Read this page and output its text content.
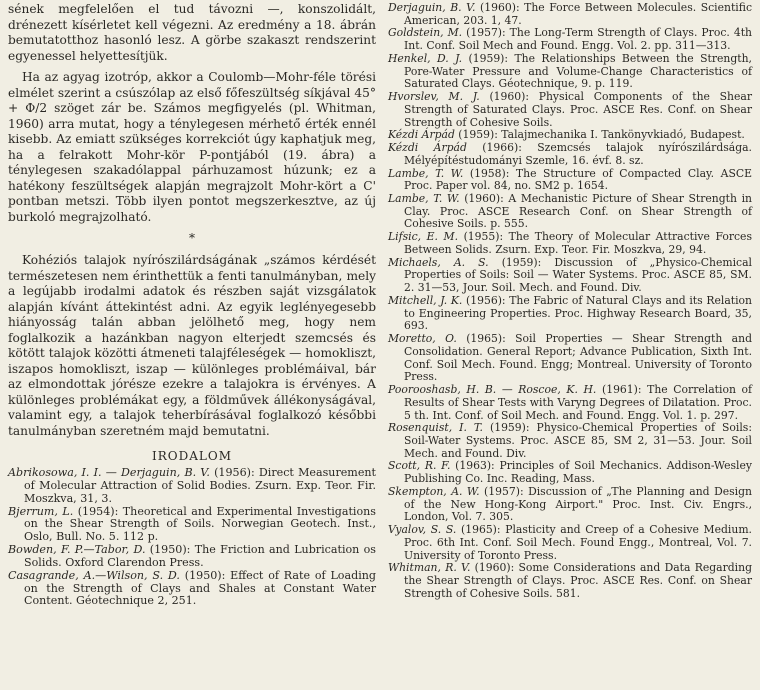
sének megfelelően el tud távozni —, konszolidált, drénezett kísérletet kell végezni. Az eredmény a 18. ábrán bemutatotthoz hasonló lesz. A görbe szakaszt rendszerint egyenessel helyettesítjük.

Ha az agyag izotróp, akkor a Coulomb—Mohr-féle törési elmélet szerint a csúszólap az első főfeszültség síkjával 45° + Φ/2 szöget zár be. Számos megfigyelés (pl. Whitman, 1960) arra mutat, hogy a ténylegesen mérhető érték ennél kisebb. Az emiatt szükséges korrekciót úgy kaphatjuk meg, ha a felrakott Mohr-kör P-pontjából (19. ábra) a ténylegesen szakadólappal párhuzamost húzunk; ez a hatékony feszültségek alapján megrajzolt Mohr-kört a C' pontban metszi. Több ilyen pontot megszerkesztve, az új burkoló megrajzolható.

*

Kohéziós talajok nyírószilárdságának „számos kérdését természetesen nem érinthettük a fenti tanulmányban, mely a legújabb irodalmi adatok és részben saját vizsgálatok alapján kívánt áttekintést adni. Az egyik leglényegesebb hiányosság talán abban jelölhető meg, hogy nem foglalkozik a hazánkban nagyon elterjedt szemcsés és kötött talajok közötti átmeneti talajféleségek — homokliszt, iszapos homokliszt, iszap — különleges problémáival, bár az elmondottak jórésze ezekre a talajokra is érvényes. A különleges problémákat egy, a földművek állékonyságával, valamint egy, a talajok teherbírásával foglalkozó későbbi tanulmányban szeretném majd bemutatni.

IRODALOM

Abrikosowa, I. I. — Derjaguin, B. V. (1956): Direct Measurement of Molecular Attraction of Solid Bodies. Zsurn. Exp. Teor. Fir. Moszkva, 31, 3.

Bjerrum, L. (1954): Theoretical and Experimental Investigations on the Shear Strength of Soils. Norwegian Geotech. Inst., Oslo, Bull. No. 5. 112 p.

Bowden, F. P.—Tabor, D. (1950): The Friction and Lubrication os Solids. Oxford Clarendon Press.

Casagrande, A.—Wilson, S. D. (1950): Effect of Rate of Loading on the Strength of Clays and Shales at Constant Water Content. Géotechnique 2, 251.

Derjaguin, B. V. (1960): The Force Between Molecules. Scientific American, 203. 1, 47.

Goldstein, M. (1957): The Long-Term Strength of Clays. Proc. 4th Int. Conf. Soil Mech and Found. Engg. Vol. 2. pp. 311—313.

Henkel, D. J. (1959): The Relationships Between the Strength, Pore-Water Pressure and Volume-Change Characteristics of Saturated Clays. Géotechnique, 9. p. 119.

Hvorslev, M. J. (1960): Physical Components of the Shear Strength of Saturated Clays. Proc. ASCE Res. Conf. on Shear Strength of Cohesive Soils.

Kézdi Árpád (1959): Talajmechanika I. Tankönyvkiadó, Budapest.

Kézdi Árpád (1966): Szemcsés talajok nyírószilárdsága. Mélyépítéstudományi Szemle, 16. évf. 8. sz.

Lambe, T. W. (1958): The Structure of Compacted Clay. ASCE Proc. Paper vol. 84, no. SM2 p. 1654.

Lambe, T. W. (1960): A Mechanistic Picture of Shear Strength in Clay. Proc. ASCE Research Conf. on Shear Strength of Cohesive Soils. p. 555.

Lifsic, E. M. (1955): The Theory of Molecular Attractive Forces Between Solids. Zsurn. Exp. Teor. Fir. Moszkva, 29, 94.

Michaels, A. S. (1959): Discussion of „Physico-Chemical Properties of Soils: Soil — Water Systems. Proc. ASCE 85, SM. 2. 31—53, Jour. Soil. Mech. and Found. Div.

Mitchell, J. K. (1956): The Fabric of Natural Clays and its Relation to Engineering Properties. Proc. Highway Research Board, 35, 693.

Moretto, O. (1965): Soil Properties — Shear Strength and Consolidation. General Report; Advance Publication, Sixth Int. Conf. Soil Mech. Found. Engg; Montreal. University of Toronto Press.

Poorooshasb, H. B. — Roscoe, K. H. (1961): The Correlation of Results of Shear Tests with Varyng Degrees of Dilatation. Proc. 5 th. Int. Conf. of Soil Mech. and Found. Engg. Vol. 1. p. 297.

Rosenquist, I. T. (1959): Physico-Chemical Properties of Soils: Soil-Water Systems. Proc. ASCE 85, SM 2, 31—53. Jour. Soil Mech. and Found. Div.

Scott, R. F. (1963): Principles of Soil Mechanics. Addison-Wesley Publishing Co. Inc. Reading, Mass.

Skempton, A. W. (1957): Discussion of „The Planning and Design of the New Hong-Kong Airport." Proc. Inst. Civ. Engrs., London, Vol. 7. 305.

Vyalov, S. S. (1965): Plasticity and Creep of a Cohesive Medium. Proc. 6th Int. Conf. Soil Mech. Found Engg., Montreal, Vol. 7. University of Toronto Press.

Whitman, R. V. (1960): Some Considerations and Data Regarding the Shear Strength of Clays. Proc. ASCE Res. Conf. on Shear Strength of Cohesive Soils. 581.
